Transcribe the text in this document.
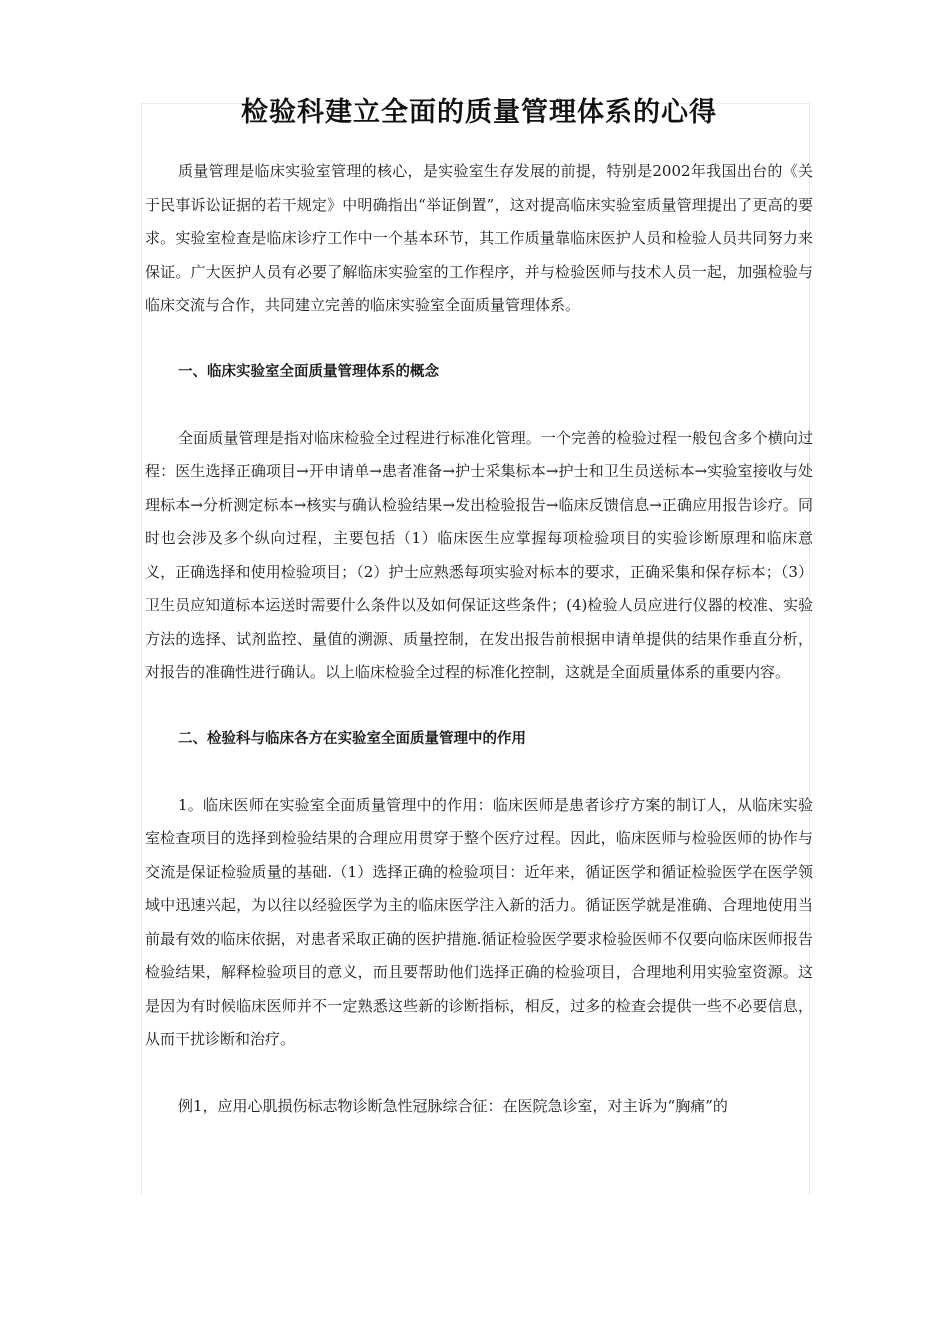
检验科建立全面的质量管理体系的心得

质量管理是临床实验室管理的核心，是实验室生存发展的前提，特别是2002年我国出台的《关于民事诉讼证据的若干规定》中明确指出“举证倒置”，这对提高临床实验室质量管理提出了更高的要求。实验室检查是临床诊疗工作中一个基本环节，其工作质量靠临床医护人员和检验人员共同努力来保证。广大医护人员有必要了解临床实验室的工作程序，并与检验医师与技术人员一起，加强检验与临床交流与合作，共同建立完善的临床实验室全面质量管理体系。

一、临床实验室全面质量管理体系的概念

全面质量管理是指对临床检验全过程进行标准化管理。一个完善的检验过程一般包含多个横向过程：医生选择正确项目→开申请单→患者准备→护士采集标本→护士和卫生员送标本→实验室接收与处理标本→分析测定标本→核实与确认检验结果→发出检验报告→临床反馈信息→正确应用报告诊疗。同时也会涉及多个纵向过程，主要包括（1）临床医生应掌握每项检验项目的实验诊断原理和临床意义，正确选择和使用检验项目；（2）护士应熟悉每项实验对标本的要求，正确采集和保存标本；（3）卫生员应知道标本运送时需要什么条件以及如何保证这些条件；(4)检验人员应进行仪器的校准、实验方法的选择、试剂监控、量值的溯源、质量控制，在发出报告前根据申请单提供的结果作垂直分析，对报告的准确性进行确认。以上临床检验全过程的标准化控制，这就是全面质量体系的重要内容。

二、检验科与临床各方在实验室全面质量管理中的作用

1。临床医师在实验室全面质量管理中的作用：临床医师是患者诊疗方案的制订人，从临床实验室检查项目的选择到检验结果的合理应用贯穿于整个医疗过程。因此，临床医师与检验医师的协作与交流是保证检验质量的基础.（1）选择正确的检验项目：近年来，循证医学和循证检验医学在医学领域中迅速兴起，为以往以经验医学为主的临床医学注入新的活力。循证医学就是准确、合理地使用当前最有效的临床依据，对患者采取正确的医护措施.循证检验医学要求检验医师不仅要向临床医师报告检验结果，解释检验项目的意义，而且要帮助他们选择正确的检验项目，合理地利用实验室资源。这是因为有时候临床医师并不一定熟悉这些新的诊断指标，相反，过多的检查会提供一些不必要信息，从而干扰诊断和治疗。

例1，应用心肌损伤标志物诊断急性冠脉综合征：在医院急诊室，对主诉为“胸痛”的
